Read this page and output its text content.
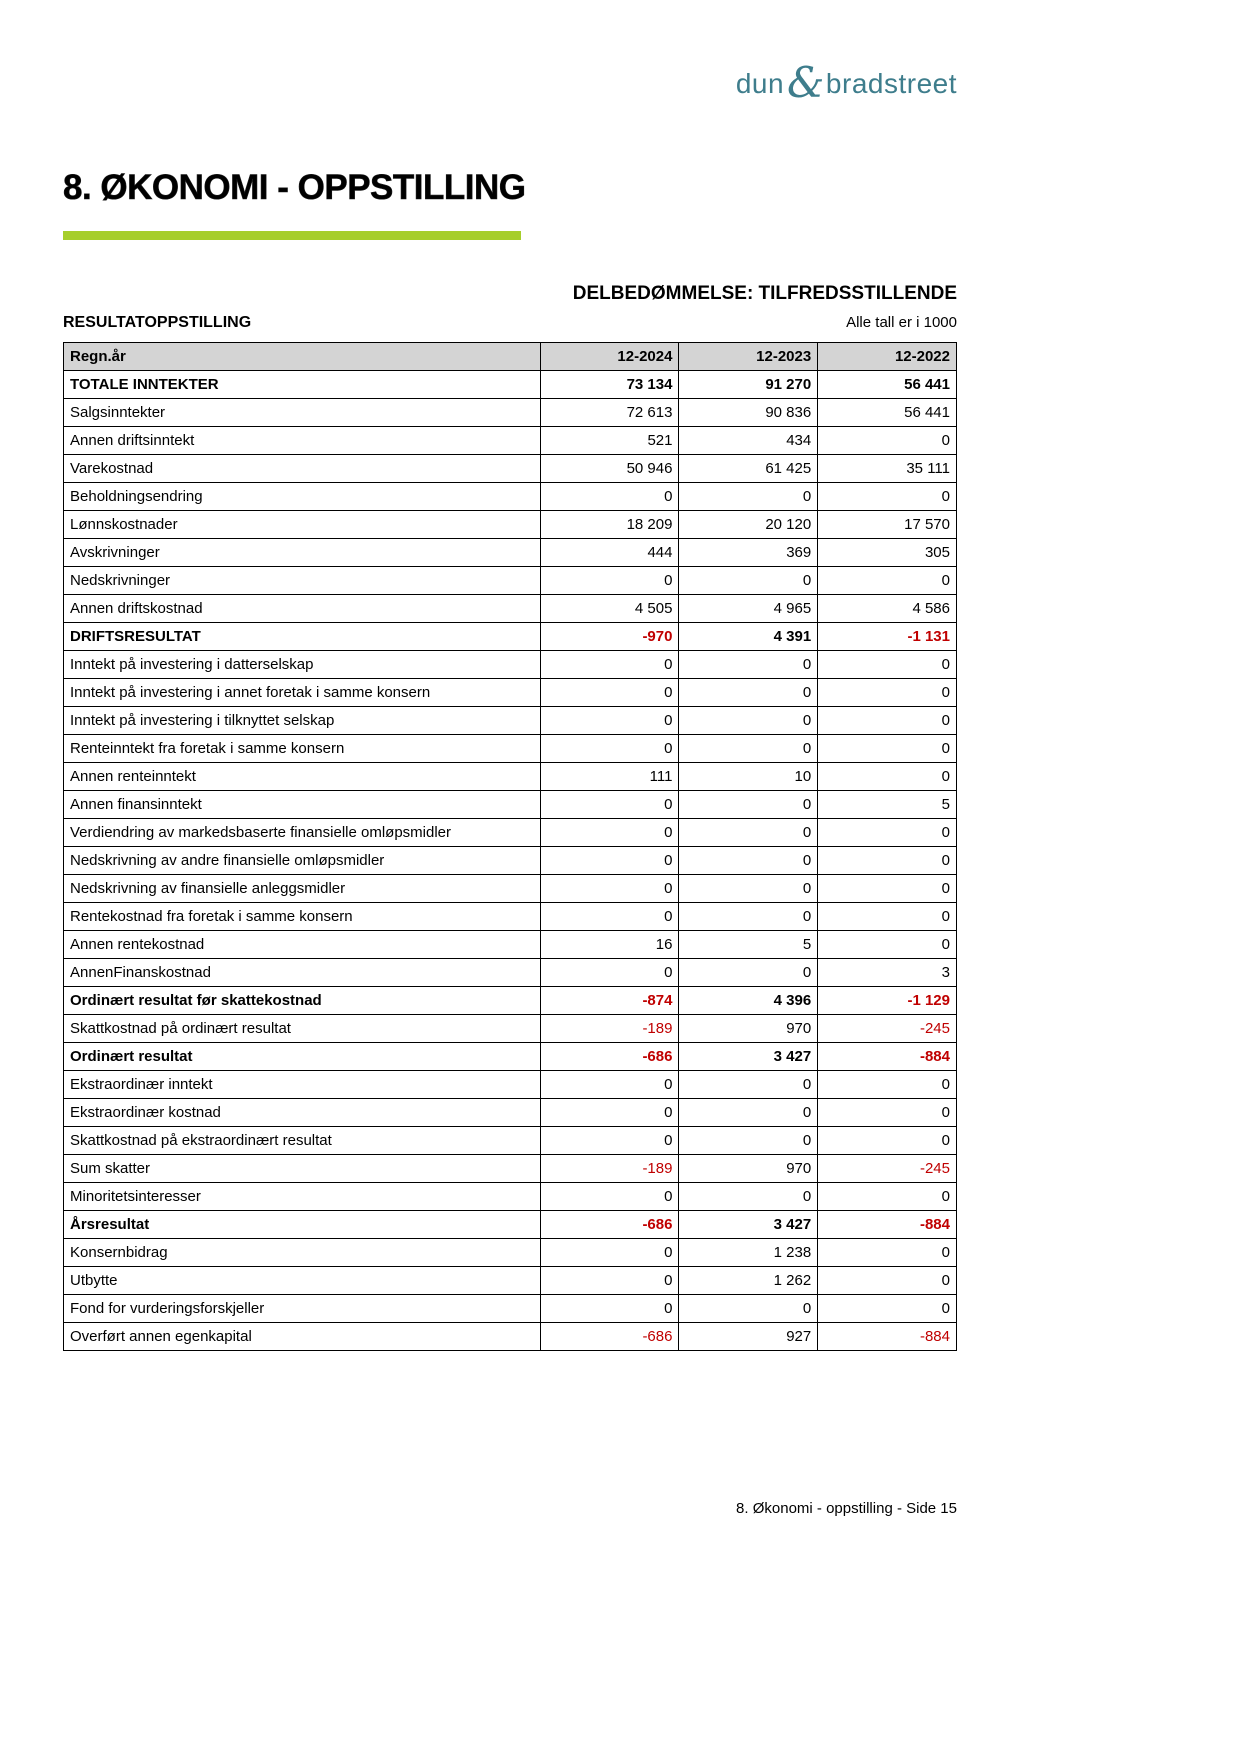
dun & bradstreet
8. ØKONOMI - OPPSTILLING
DELBEDØMMELSE: TILFREDSSTILLENDE
RESULTATOPPSTILLING	Alle tall er i 1000
Regn.år	12-2024	12-2023	12-2022
TOTALE INNTEKTER	73 134	91 270	56 441
Salgsinntekter	72 613	90 836	56 441
Annen driftsinntekt	521	434	0
Varekostnad	50 946	61 425	35 111
Beholdningsendring	0	0	0
Lønnskostnader	18 209	20 120	17 570
Avskrivninger	444	369	305
Nedskrivninger	0	0	0
Annen driftskostnad	4 505	4 965	4 586
DRIFTSRESULTAT	-970	4 391	-1 131
Inntekt på investering i datterselskap	0	0	0
Inntekt på investering i annet foretak i samme konsern	0	0	0
Inntekt på investering i tilknyttet selskap	0	0	0
Renteinntekt fra foretak i samme konsern	0	0	0
Annen renteinntekt	111	10	0
Annen finansinntekt	0	0	5
Verdiendring av markedsbaserte finansielle omløpsmidler	0	0	0
Nedskrivning av andre finansielle omløpsmidler	0	0	0
Nedskrivning av finansielle anleggsmidler	0	0	0
Rentekostnad fra foretak i samme konsern	0	0	0
Annen rentekostnad	16	5	0
AnnenFinanskostnad	0	0	3
Ordinært resultat før skattekostnad	-874	4 396	-1 129
Skattkostnad på ordinært resultat	-189	970	-245
Ordinært resultat	-686	3 427	-884
Ekstraordinær inntekt	0	0	0
Ekstraordinær kostnad	0	0	0
Skattkostnad på ekstraordinært resultat	0	0	0
Sum skatter	-189	970	-245
Minoritetsinteresser	0	0	0
Årsresultat	-686	3 427	-884
Konsernbidrag	0	1 238	0
Utbytte	0	1 262	0
Fond for vurderingsforskjeller	0	0	0
Overført annen egenkapital	-686	927	-884
8. Økonomi - oppstilling - Side 15
